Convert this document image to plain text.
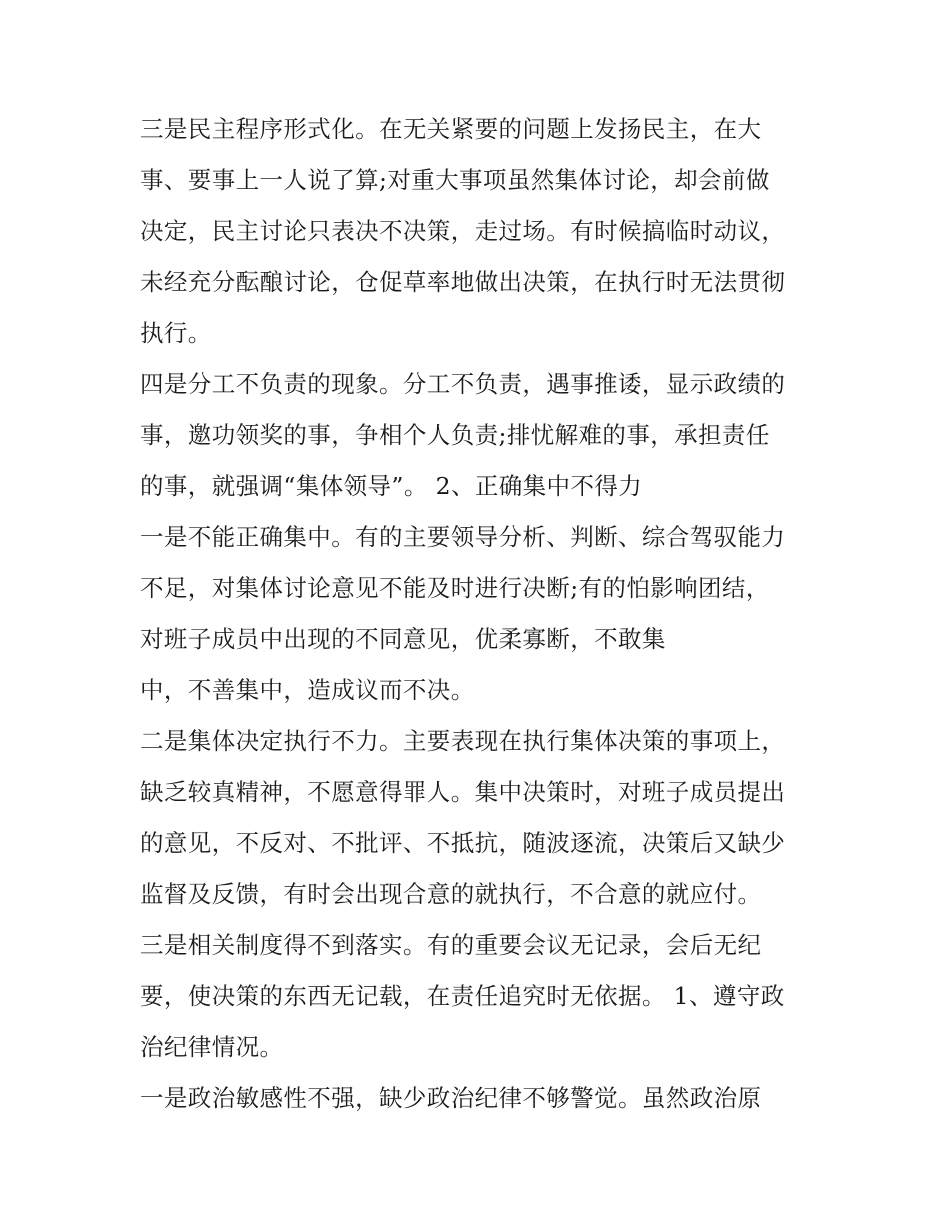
三是民主程序形式化。在无关紧要的问题上发扬民主，在大
事、要事上一人说了算;对重大事项虽然集体讨论，却会前做
决定，民主讨论只表决不决策，走过场。有时候搞临时动议，
未经充分酝酿讨论，仓促草率地做出决策，在执行时无法贯彻
执行。
四是分工不负责的现象。分工不负责，遇事推诿，显示政绩的
事，邀功领奖的事，争相个人负责;排忧解难的事，承担责任
的事，就强调“集体领导”。 2、正确集中不得力
一是不能正确集中。有的主要领导分析、判断、综合驾驭能力
不足，对集体讨论意见不能及时进行决断;有的怕影响团结，
对班子成员中出现的不同意见，优柔寡断，不敢集
中，不善集中，造成议而不决。
二是集体决定执行不力。主要表现在执行集体决策的事项上，
缺乏较真精神，不愿意得罪人。集中决策时，对班子成员提出
的意见，不反对、不批评、不抵抗，随波逐流，决策后又缺少
监督及反馈，有时会出现合意的就执行，不合意的就应付。
三是相关制度得不到落实。有的重要会议无记录，会后无纪
要，使决策的东西无记载，在责任追究时无依据。 1、遵守政
治纪律情况。
一是政治敏感性不强，缺少政治纪律不够警觉。虽然政治原
